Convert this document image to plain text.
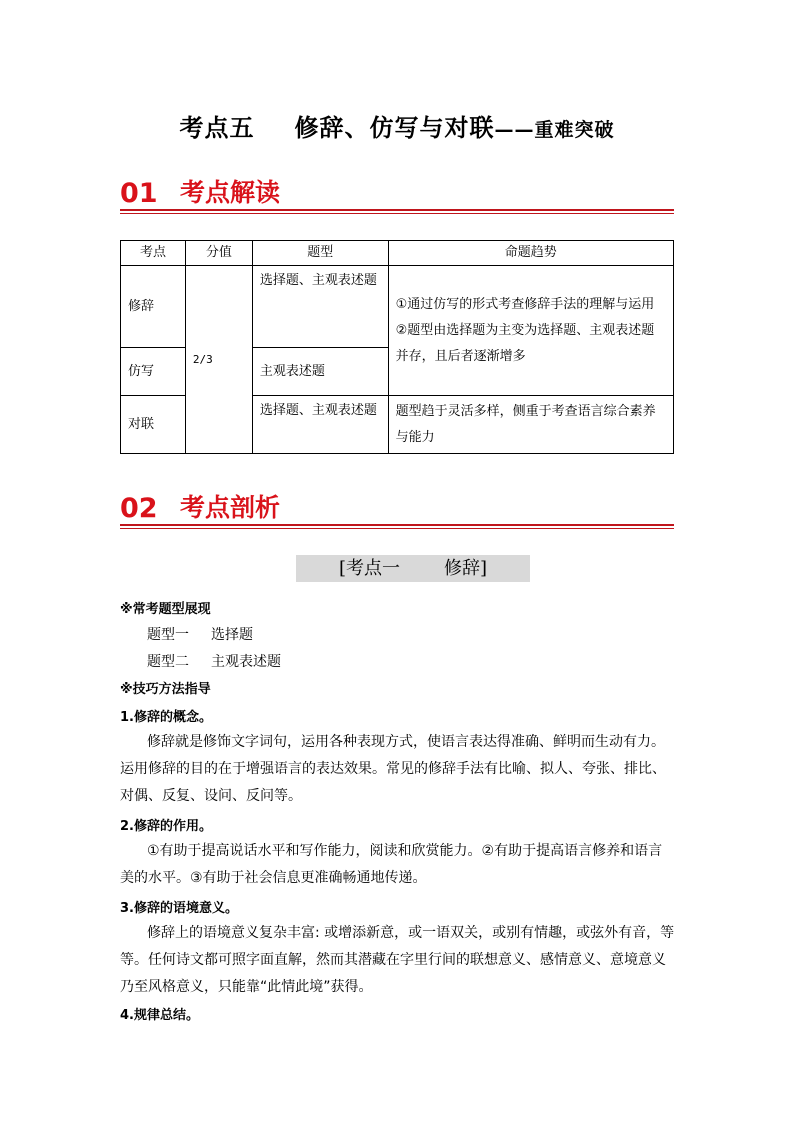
考点五 修辞、仿写与对联——重难突破
01 考点解读
考点	分值	题型	命题趋势
修辞	2/3	选择题、主观表述题	①通过仿写的形式考查修辞手法的理解与运用
②题型由选择题为主变为选择题、主观表述题并存，且后者逐渐增多

仿写		主观表述题	
对联		选择题、主观表述题	题型趋于灵活多样，侧重于考查语言综合素养与能力
02 考点剖析
[考点一 修辞]
※常考题型展现
题型一 选择题
题型二 主观表述题
※技巧方法指导
1.修辞的概念。
修辞就是修饰文字词句，运用各种表现方式，使语言表达得准确、鲜明而生动有力。运用修辞的目的在于增强语言的表达效果。常见的修辞手法有比喻、拟人、夸张、排比、对偶、反复、设问、反问等。
2.修辞的作用。
①有助于提高说话水平和写作能力，阅读和欣赏能力。②有助于提高语言修养和语言美的水平。③有助于社会信息更准确畅通地传递。
3.修辞的语境意义。
修辞上的语境意义复杂丰富: 或增添新意，或一语双关，或别有情趣，或弦外有音，等等。任何诗文都可照字面直解，然而其潜藏在字里行间的联想意义、感情意义、意境意义乃至风格意义，只能靠“此情此境”获得。
4.规律总结。
